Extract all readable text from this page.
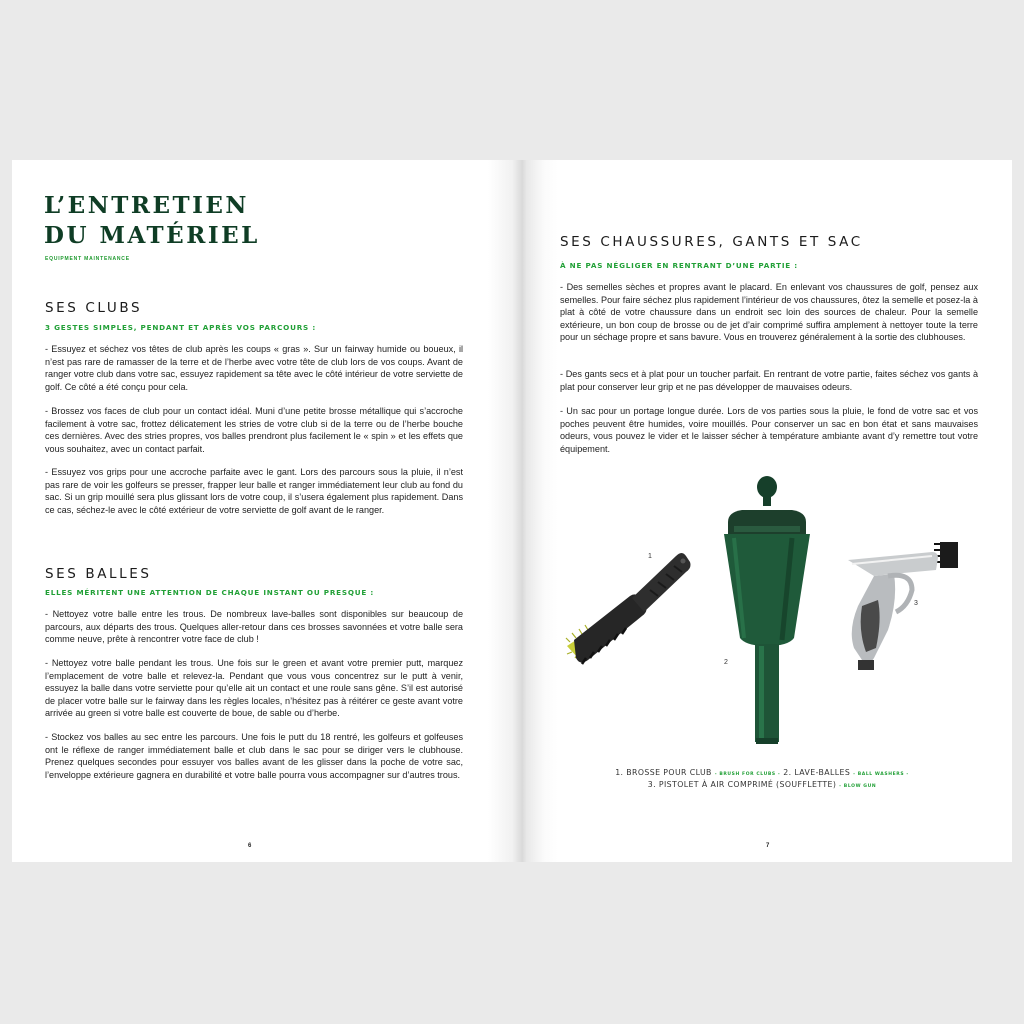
L’ENTRETIEN
DU MATÉRIEL
EQUIPMENT MAINTENANCE
SES CLUBS
3 GESTES SIMPLES, PENDANT ET APRÈS VOS PARCOURS :

- Essuyez et séchez vos têtes de club après les coups « gras ». Sur un fairway humide ou boueux, il n’est pas rare de ramasser de la terre et de l’herbe avec votre tête de club lors de vos coups. Avant de ranger votre club dans votre sac, essuyez rapidement sa tête avec le côté intérieur de votre serviette de golf. Ce côté a été conçu pour cela.

- Brossez vos faces de club pour un contact idéal. Muni d’une petite brosse métallique qui s’accroche facilement à votre sac, frottez délicatement les stries de votre club si de la terre ou de l’herbe bouche ces dernières. Avec des stries propres, vos balles prendront plus facilement le « spin » et les effets que vous souhaitez, avec un contact parfait.

- Essuyez vos grips pour une accroche parfaite avec le gant. Lors des parcours sous la pluie, il n’est pas rare de voir les golfeurs se presser, frapper leur balle et ranger immédiatement leur club au fond du sac. Si un grip mouillé sera plus glissant lors de votre coup, il s’usera également plus rapidement. Dans ce cas, séchez-le avec le côté extérieur de votre serviette de golf avant de le ranger.

SES BALLES
ELLES MÉRITENT UNE ATTENTION DE CHAQUE INSTANT OU PRESQUE :

- Nettoyez votre balle entre les trous. De nombreux lave-balles sont disponibles sur beaucoup de parcours, aux départs des trous. Quelques aller-retour dans ces brosses savonnées et votre balle sera comme neuve, prête à rencontrer votre face de club !

- Nettoyez votre balle pendant les trous. Une fois sur le green et avant votre premier putt, marquez l’emplacement de votre balle et relevez-la. Pendant que vous vous concentrez sur le putt à venir, essuyez la balle dans votre serviette pour qu’elle ait un contact et une roule sans gêne. S’il est autorisé de placer votre balle sur le fairway dans les règles locales, n’hésitez pas à réitérer ce geste avant votre arrivée au green si votre balle est couverte de boue, de sable ou d’herbe.

- Stockez vos balles au sec entre les parcours. Une fois le putt du 18 rentré, les golfeurs et golfeuses ont le réflexe de ranger immédiatement balle et club dans le sac pour se diriger vers le clubhouse. Prenez quelques secondes pour essuyer vos balles avant de les glisser dans la poche de votre sac, l’enveloppe extérieure gagnera en durabilité et votre balle pourra vous accompagner sur d’autres trous.

6
SES CHAUSSURES, GANTS ET SAC
À NE PAS NÉGLIGER EN RENTRANT D’UNE PARTIE :

- Des semelles sèches et propres avant le placard. En enlevant vos chaussures de golf, pensez aux semelles. Pour faire séchez plus rapidement l’intérieur de vos chaussures, ôtez la semelle et posez-la à plat à côté de votre chaussure dans un endroit sec loin des sources de chaleur. Pour la semelle extérieure, un bon coup de brosse ou de jet d’air comprimé suffira amplement à nettoyer toute la terre pour un séchage propre et sans bavure. Vous en trouverez généralement à la sortie des clubhouses.

- Des gants secs et à plat pour un toucher parfait. En rentrant de votre partie, faites séchez vos gants à plat pour conserver leur grip et ne pas développer de mauvaises odeurs.

- Un sac pour un portage longue durée. Lors de vos parties sous la pluie, le fond de votre sac et vos poches peuvent être humides, voire mouillés. Pour conserver un sac en bon état et sans mauvaises odeurs, vous pouvez le vider et le laisser sécher à température ambiante avant d’y remettre tout votre équipement.

1
2
3
1. BROSSE POUR CLUB - BRUSH FOR CLUBS - 2. LAVE-BALLES - BALL WASHERS -
3. PISTOLET À AIR COMPRIMÉ (SOUFFLETTE) - BLOW GUN
7
